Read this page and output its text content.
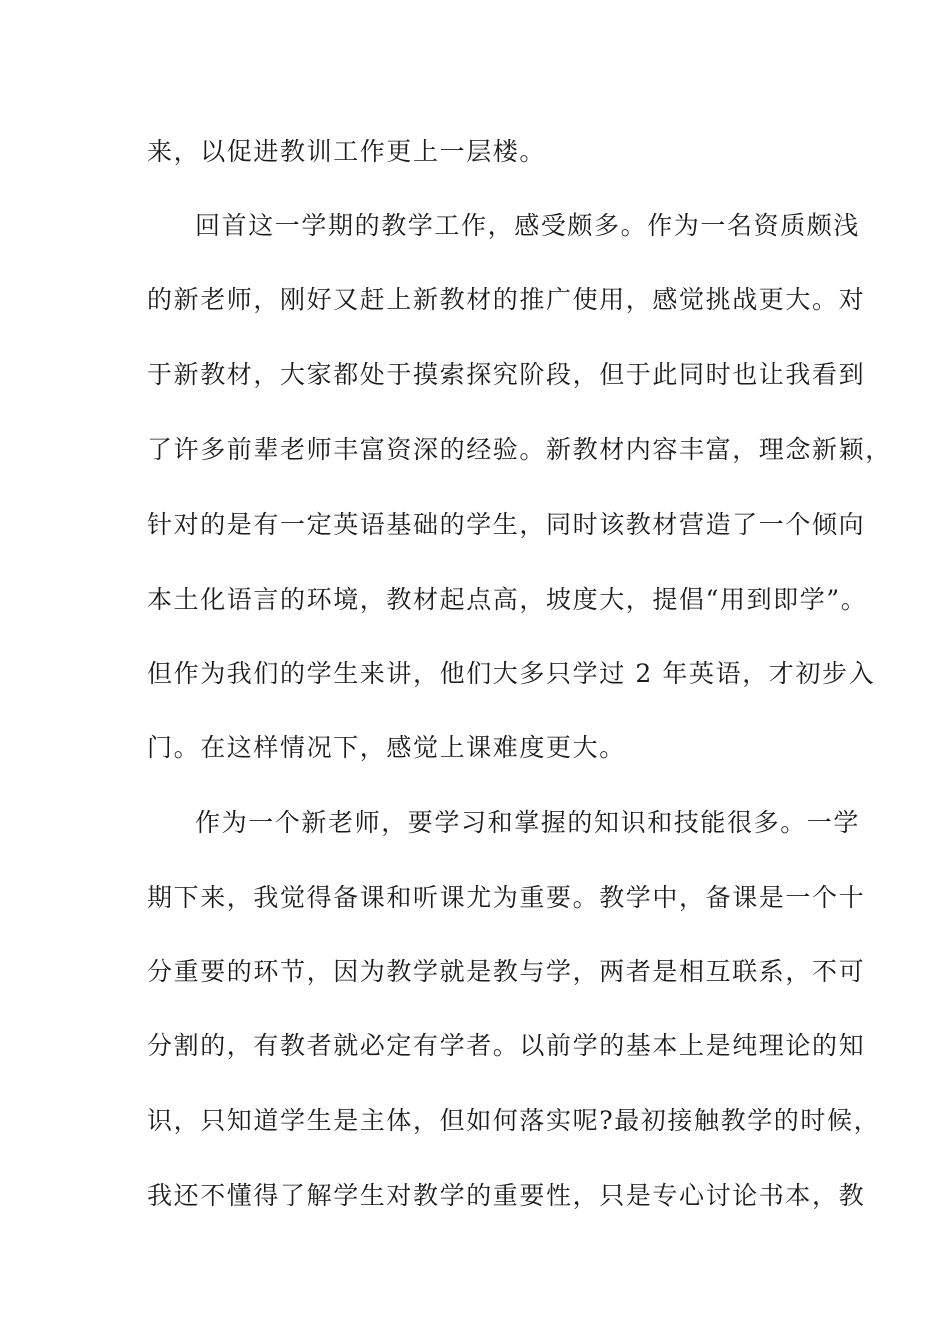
来，以促进教训工作更上一层楼。
回首这一学期的教学工作，感受颇多。作为一名资质颇浅
的新老师，刚好又赶上新教材的推广使用，感觉挑战更大。对
于新教材，大家都处于摸索探究阶段，但于此同时也让我看到
了许多前辈老师丰富资深的经验。新教材内容丰富，理念新颖，
针对的是有一定英语基础的学生，同时该教材营造了一个倾向
本土化语言的环境，教材起点高，坡度大，提倡“用到即学”。
但作为我们的学生来讲，他们大多只学过 2 年英语，才初步入
门。在这样情况下，感觉上课难度更大。
作为一个新老师，要学习和掌握的知识和技能很多。一学
期下来，我觉得备课和听课尤为重要。教学中，备课是一个十
分重要的环节，因为教学就是教与学，两者是相互联系，不可
分割的，有教者就必定有学者。以前学的基本上是纯理论的知
识，只知道学生是主体，但如何落实呢?最初接触教学的时候，
我还不懂得了解学生对教学的重要性，只是专心讨论书本，教
